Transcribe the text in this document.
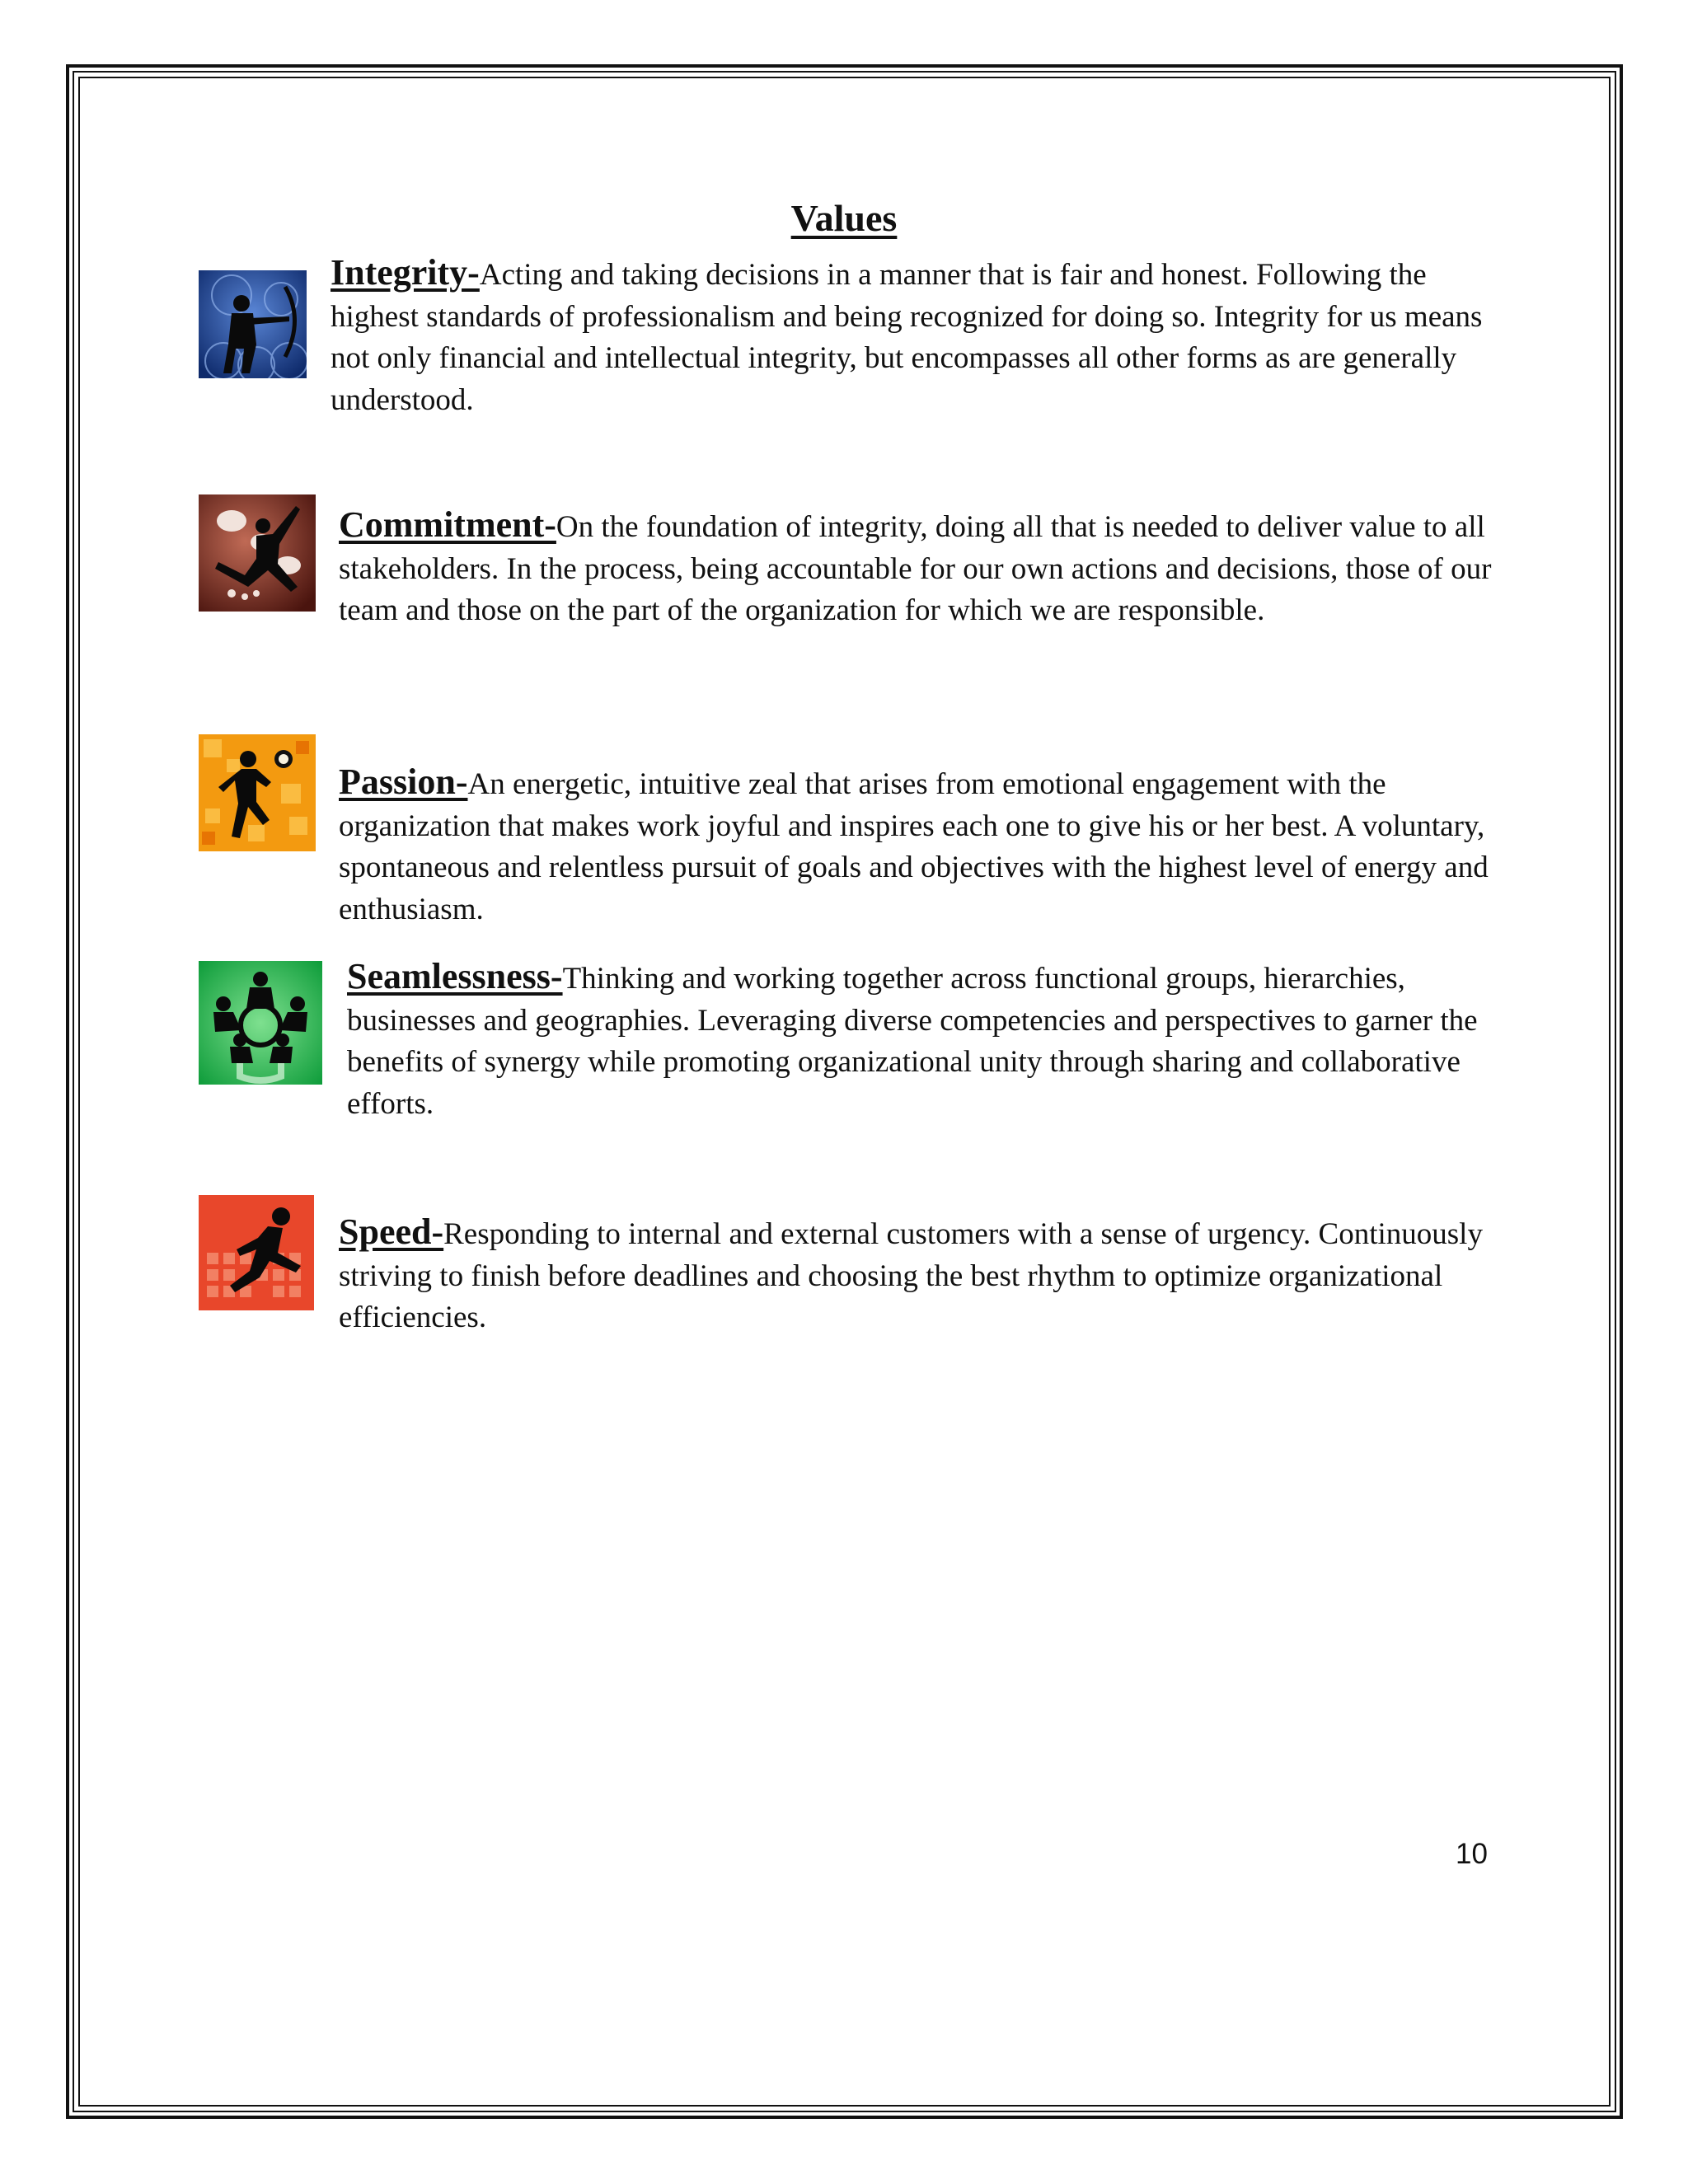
Values
Integrity-Acting and taking decisions in a manner that is fair and honest. Following the highest standards of professionalism and being recognized for doing so. Integrity for us means not only financial and intellectual integrity, but encompasses all other forms as are generally understood.
Commitment-On the foundation of integrity, doing all that is needed to deliver value to all stakeholders. In the process, being accountable for our own actions and decisions, those of our team and those on the part of the organization for which we are responsible.
Passion-An energetic, intuitive zeal that arises from emotional engagement with the organization that makes work joyful and inspires each one to give his or her best. A voluntary, spontaneous and relentless pursuit of goals and objectives with the highest level of energy and enthusiasm.
Seamlessness-Thinking and working together across functional groups, hierarchies, businesses and geographies. Leveraging diverse competencies and perspectives to garner the benefits of synergy while promoting organizational unity through sharing and collaborative efforts.
Speed-Responding to internal and external customers with a sense of urgency. Continuously striving to finish before deadlines and choosing the best rhythm to optimize organizational efficiencies.
10
